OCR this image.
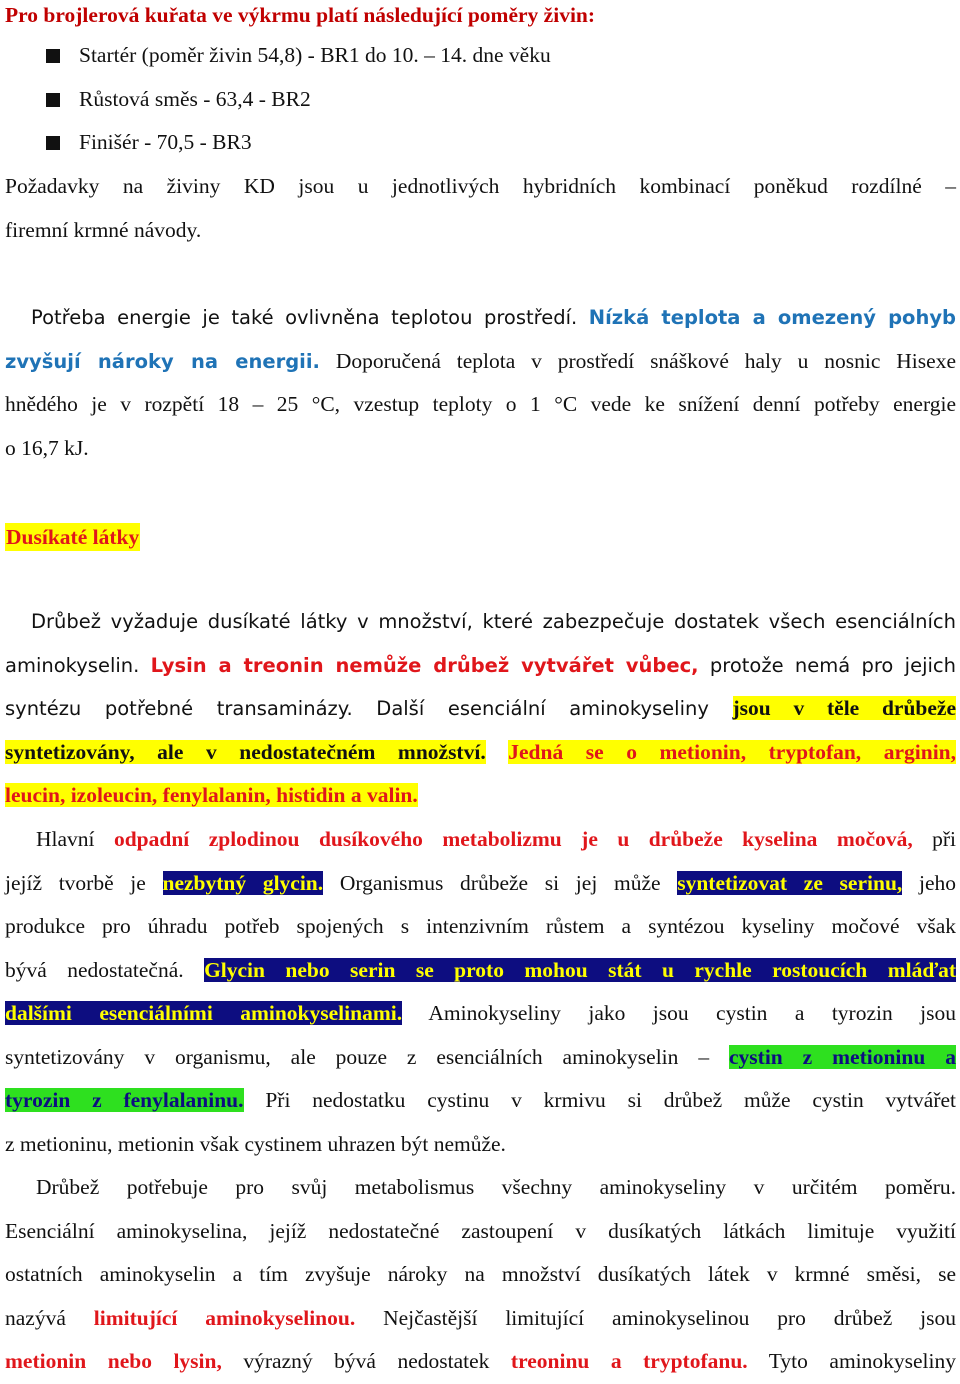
Pro brojlerová kuřata ve výkrmu platí následující poměry živin:
Startér (poměr živin 54,8) - BR1 do 10. – 14. dne věku
Růstová směs - 63,4 - BR2
Finišér - 70,5 - BR3
Požadavky na živiny KD jsou u jednotlivých hybridních kombinací poněkud rozdílné –
firemní krmné návody.
Potřeba energie je také ovlivněna teplotou prostředí. Nízká teplota a omezený pohyb
zvyšují nároky na energii. Doporučená teplota v prostředí snáškové haly u nosnic Hisexe
hnědého je v rozpětí 18 – 25 °C, vzestup teploty o 1 °C vede ke snížení denní potřeby energie
o 16,7 kJ.
Dusíkaté látky
Drůbež vyžaduje dusíkaté látky v množství, které zabezpečuje dostatek všech esenciálních
aminokyselin. Lysin a treonin nemůže drůbež vytvářet vůbec, protože nemá pro jejich
syntézu potřebné transaminázy. Další esenciální aminokyseliny jsou v těle drůbeže
syntetizovány, ale v nedostatečném množství. Jedná se o metionin, tryptofan, arginin,
leucin, izoleucin, fenylalanin, histidin a valin.
Hlavní odpadní zplodinou dusíkového metabolizmu je u drůbeže kyselina močová, při
jejíž tvorbě je nezbytný glycin. Organismus drůbeže si jej může syntetizovat ze serinu, jeho
produkce pro úhradu potřeb spojených s intenzivním růstem a syntézou kyseliny močové však
bývá nedostatečná. Glycin nebo serin se proto mohou stát u rychle rostoucích mláďat
dalšími esenciálními aminokyselinami. Aminokyseliny jako jsou cystin a tyrozin jsou
syntetizovány v organismu, ale pouze z esenciálních aminokyselin – cystin z metioninu a
tyrozin z fenylalaninu. Při nedostatku cystinu v krmivu si drůbež může cystin vytvářet
z metioninu, metionin však cystinem uhrazen být nemůže.
Drůbež potřebuje pro svůj metabolismus všechny aminokyseliny v určitém poměru.
Esenciální aminokyselina, jejíž nedostatečné zastoupení v dusíkatých látkách limituje využití
ostatních aminokyselin a tím zvyšuje nároky na množství dusíkatých látek v krmné směsi, se
nazývá limitující aminokyselinou. Nejčastější limitující aminokyselinou pro drůbež jsou
metionin nebo lysin, výrazný bývá nedostatek treoninu a tryptofanu. Tyto aminokyseliny
